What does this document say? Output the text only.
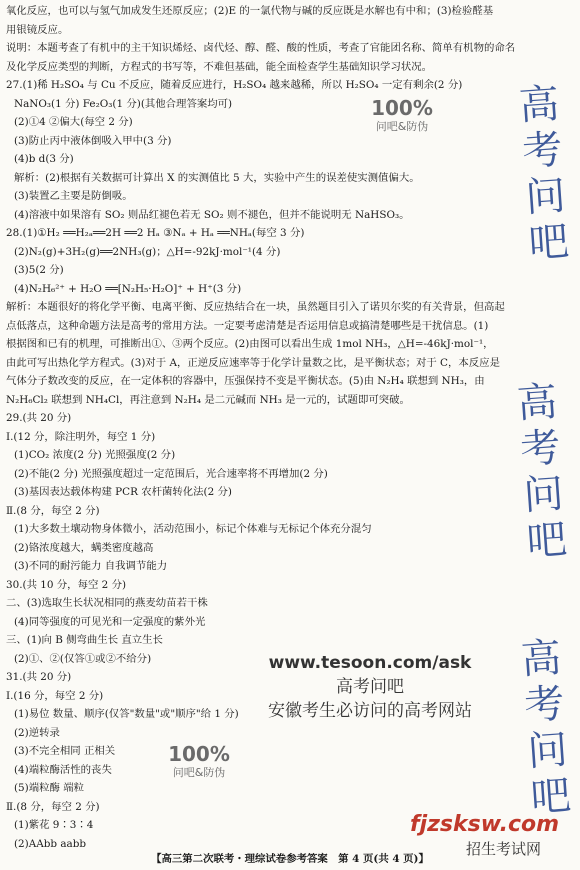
氧化反应，也可以与氢气加成发生还原反应；(2)E 的一氯代物与碱的反应既是水解也有中和；(3)检验醛基
用银镜反应。
说明：本题考查了有机中的主干知识烯烃、卤代烃、醇、醛、酸的性质，考查了官能团名称、简单有机物的命名
及化学反应类型的判断，方程式的书写等，不难但基础，能全面检查学生基础知识学习状况。
27.(1)稀 H₂SO₄ 与 Cu 不反应，随着反应进行，H₂SO₄ 越来越稀，所以 H₂SO₄ 一定有剩余(2 分)
NaNO₃(1 分) Fe₂O₃(1 分)(其他合理答案均可)
(2)①4 ②偏大(每空 2 分)
(3)防止丙中液体倒吸入甲中(3 分)
(4)b d(3 分)
解析：(2)根据有关数据可计算出 X 的实测值比 5 大，实验中产生的误差使实测值偏大。
(3)装置乙主要是防倒吸。
(4)溶液中如果溶有 SO₂ 则品红褪色若无 SO₂ 则不褪色，但并不能说明无 NaHSO₃。
28.(1)①H₂ ══H₂ₐ══2H ══2 Hₐ ③Nₐ + Hₐ ══NHₐ(每空 3 分)
(2)N₂(g)+3H₂(g)══2NH₃(g)；△H=-92kJ·mol⁻¹(4 分)
(3)5(2 分)
(4)N₂H₆²⁺ + H₂O ══[N₂H₅·H₂O]⁺ + H⁺(3 分)
解析：本题很好的将化学平衡、电离平衡、反应热结合在一块，虽然题目引入了诺贝尔奖的有关背景，但高起
点低落点，这种命题方法是高考的常用方法。一定要考虑清楚是否运用信息或搞清楚哪些是干扰信息。(1)
根据图和已有的机理，可推断出①、③两个反应。(2)由图可以看出生成 1mol NH₃，△H=-46kJ·mol⁻¹，
由此可写出热化学方程式。(3)对于 A，正逆反应速率等于化学计量数之比，是平衡状态；对于 C，本反应是
气体分子数改变的反应，在一定体积的容器中，压强保持不变是平衡状态。(5)由 N₂H₄ 联想到 NH₃，由
N₂H₆Cl₂ 联想到 NH₄Cl，再注意到 N₂H₄ 是二元碱而 NH₃ 是一元的，试题即可突破。
29.(共 20 分)
Ⅰ.(12 分，除注明外，每空 1 分)
(1)CO₂ 浓度(2 分) 光照强度(2 分)
(2)不能(2 分) 光照强度超过一定范围后，光合速率将不再增加(2 分)
(3)基因表达载体构建 PCR 农杆菌转化法(2 分)
Ⅱ.(8 分，每空 2 分)
(1)大多数土壤动物身体微小，活动范围小，标记个体难与无标记个体充分混匀
(2)铬浓度越大，螨类密度越高
(3)不同的耐污能力 自我调节能力
30.(共 10 分，每空 2 分)
二、(3)选取生长状况相同的燕麦幼苗若干株
(4)同等强度的可见光和一定强度的紫外光
三、(1)向 B 侧弯曲生长 直立生长
(2)①、②(仅答①或②不给分)
31.(共 20 分)
Ⅰ.(16 分，每空 2 分)
(1)易位 数量、顺序(仅答"数量"或"顺序"给 1 分)
(2)逆转录
(3)不完全相同 正相关
(4)端粒酶活性的丧失
(5)端粒酶 端粒
Ⅱ.(8 分，每空 2 分)
(1)紫花 9∶3∶4
(2)AAbb aabb
高
考
问
吧
高
考
问
吧
高
考
问
吧
100%
问吧&防伪
100%
问吧&防伪
www.tesoon.com/ask
高考问吧
安徽考生必访问的高考网站
fjzsksw.com
招生考试网
【高三第二次联考・理综试卷参考答案　第 4 页(共 4 页)】
